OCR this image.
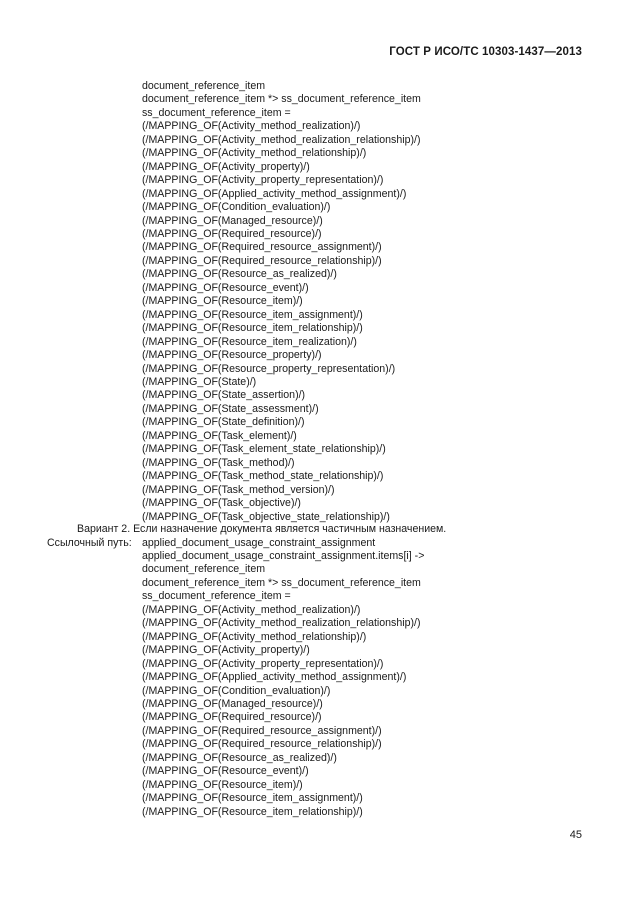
ГОСТ Р ИСО/ТС 10303-1437—2013
document_reference_item
document_reference_item *> ss_document_reference_item
ss_document_reference_item =
(/MAPPING_OF(Activity_method_realization)/)
(/MAPPING_OF(Activity_method_realization_relationship)/)
(/MAPPING_OF(Activity_method_relationship)/)
(/MAPPING_OF(Activity_property)/)
(/MAPPING_OF(Activity_property_representation)/)
(/MAPPING_OF(Applied_activity_method_assignment)/)
(/MAPPING_OF(Condition_evaluation)/)
(/MAPPING_OF(Managed_resource)/)
(/MAPPING_OF(Required_resource)/)
(/MAPPING_OF(Required_resource_assignment)/)
(/MAPPING_OF(Required_resource_relationship)/)
(/MAPPING_OF(Resource_as_realized)/)
(/MAPPING_OF(Resource_event)/)
(/MAPPING_OF(Resource_item)/)
(/MAPPING_OF(Resource_item_assignment)/)
(/MAPPING_OF(Resource_item_relationship)/)
(/MAPPING_OF(Resource_item_realization)/)
(/MAPPING_OF(Resource_property)/)
(/MAPPING_OF(Resource_property_representation)/)
(/MAPPING_OF(State)/)
(/MAPPING_OF(State_assertion)/)
(/MAPPING_OF(State_assessment)/)
(/MAPPING_OF(State_definition)/)
(/MAPPING_OF(Task_element)/)
(/MAPPING_OF(Task_element_state_relationship)/)
(/MAPPING_OF(Task_method)/)
(/MAPPING_OF(Task_method_state_relationship)/)
(/MAPPING_OF(Task_method_version)/)
(/MAPPING_OF(Task_objective)/)
(/MAPPING_OF(Task_objective_state_relationship)/)
Вариант 2. Если назначение документа является частичным назначением.
Ссылочный путь: applied_document_usage_constraint_assignment
applied_document_usage_constraint_assignment.items[i] ->
document_reference_item
document_reference_item *> ss_document_reference_item
ss_document_reference_item =
(/MAPPING_OF(Activity_method_realization)/)
(/MAPPING_OF(Activity_method_realization_relationship)/)
(/MAPPING_OF(Activity_method_relationship)/)
(/MAPPING_OF(Activity_property)/)
(/MAPPING_OF(Activity_property_representation)/)
(/MAPPING_OF(Applied_activity_method_assignment)/)
(/MAPPING_OF(Condition_evaluation)/)
(/MAPPING_OF(Managed_resource)/)
(/MAPPING_OF(Required_resource)/)
(/MAPPING_OF(Required_resource_assignment)/)
(/MAPPING_OF(Required_resource_relationship)/)
(/MAPPING_OF(Resource_as_realized)/)
(/MAPPING_OF(Resource_event)/)
(/MAPPING_OF(Resource_item)/)
(/MAPPING_OF(Resource_item_assignment)/)
(/MAPPING_OF(Resource_item_relationship)/)
45
